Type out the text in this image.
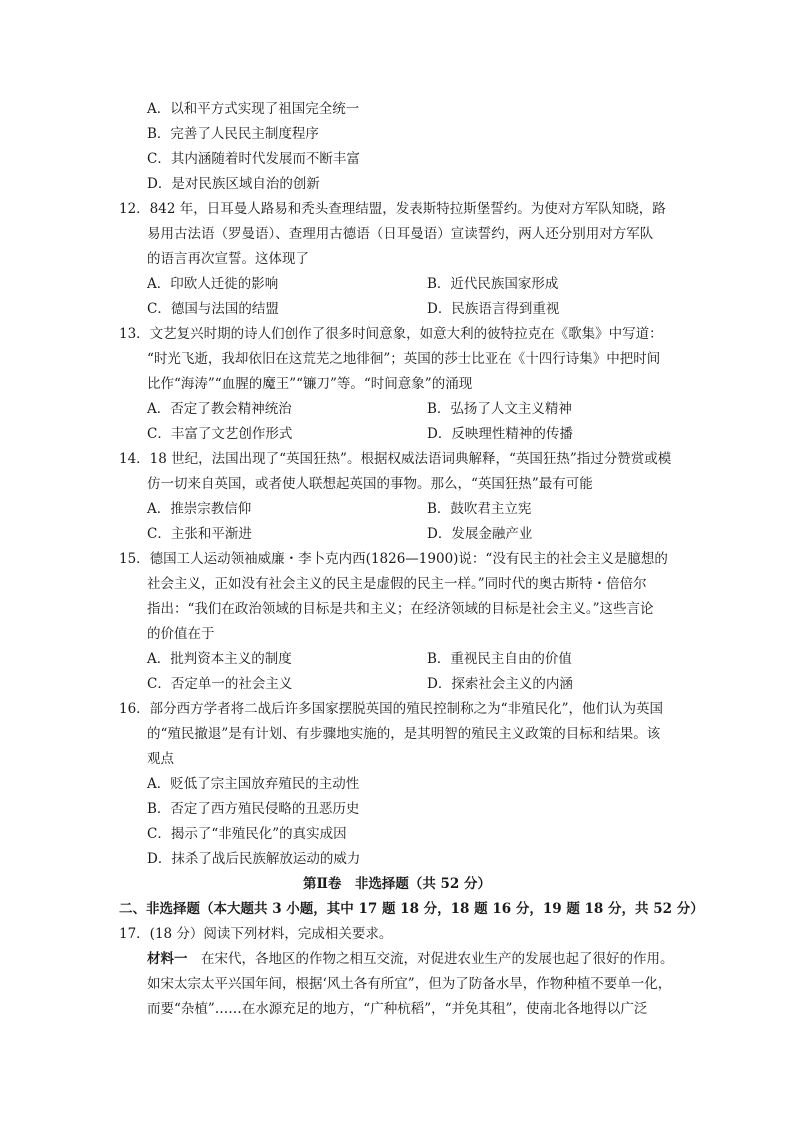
A．以和平方式实现了祖国完全统一
B．完善了人民民主制度程序
C．其内涵随着时代发展而不断丰富
D．是对民族区域自治的创新
12．842 年，日耳曼人路易和秃头查理结盟，发表斯特拉斯堡誓约。为使对方军队知晓，路
易用古法语（罗曼语）、查理用古德语（日耳曼语）宣读誓约，两人还分别用对方军队
的语言再次宣誓。这体现了
A．印欧人迁徙的影响	B．近代民族国家形成
C．德国与法国的结盟	D．民族语言得到重视
13．文艺复兴时期的诗人们创作了很多时间意象，如意大利的彼特拉克在《歌集》中写道：
“时光飞逝，我却依旧在这荒芜之地徘徊”；英国的莎士比亚在《十四行诗集》中把时间
比作“海涛”“血腥的魔王”“镰刀”等。“时间意象”的涌现
A．否定了教会精神统治	B．弘扬了人文主义精神
C．丰富了文艺创作形式	D．反映理性精神的传播
14．18 世纪，法国出现了“英国狂热”。根据权威法语词典解释，“英国狂热”指过分赞赏或模
仿一切来自英国，或者使人联想起英国的事物。那么，“英国狂热”最有可能
A．推崇宗教信仰	B．鼓吹君主立宪
C．主张和平渐进	D．发展金融产业
15．德国工人运动领袖威廉・李卜克内西(1826—1900)说：“没有民主的社会主义是臆想的
社会主义，正如没有社会主义的民主是虚假的民主一样。”同时代的奥古斯特・倍倍尔
指出：“我们在政治领域的目标是共和主义；在经济领域的目标是社会主义。”这些言论
的价值在于
A．批判资本主义的制度	B．重视民主自由的价值
C．否定单一的社会主义	D．探索社会主义的内涵
16．部分西方学者将二战后许多国家摆脱英国的殖民控制称之为“非殖民化”，他们认为英国
的“殖民撤退”是有计划、有步骤地实施的，是其明智的殖民主义政策的目标和结果。该
观点
A．贬低了宗主国放弃殖民的主动性
B．否定了西方殖民侵略的丑恶历史
C．揭示了“非殖民化”的真实成因
D．抹杀了战后民族解放运动的威力
第Ⅱ卷　非选择题（共 52 分）
二、非选择题（本大题共 3 小题，其中 17 题 18 分，18 题 16 分，19 题 18 分，共 52 分）
17．(18 分）阅读下列材料，完成相关要求。
材料一　在宋代，各地区的作物之相互交流，对促进农业生产的发展也起了很好的作用。
如宋太宗太平兴国年间，根据‘风土各有所宜”，但为了防备水旱，作物种植不要单一化，
而要“杂植”……在水源充足的地方，“广种杭稻”，“并免其租”，使南北各地得以广泛
